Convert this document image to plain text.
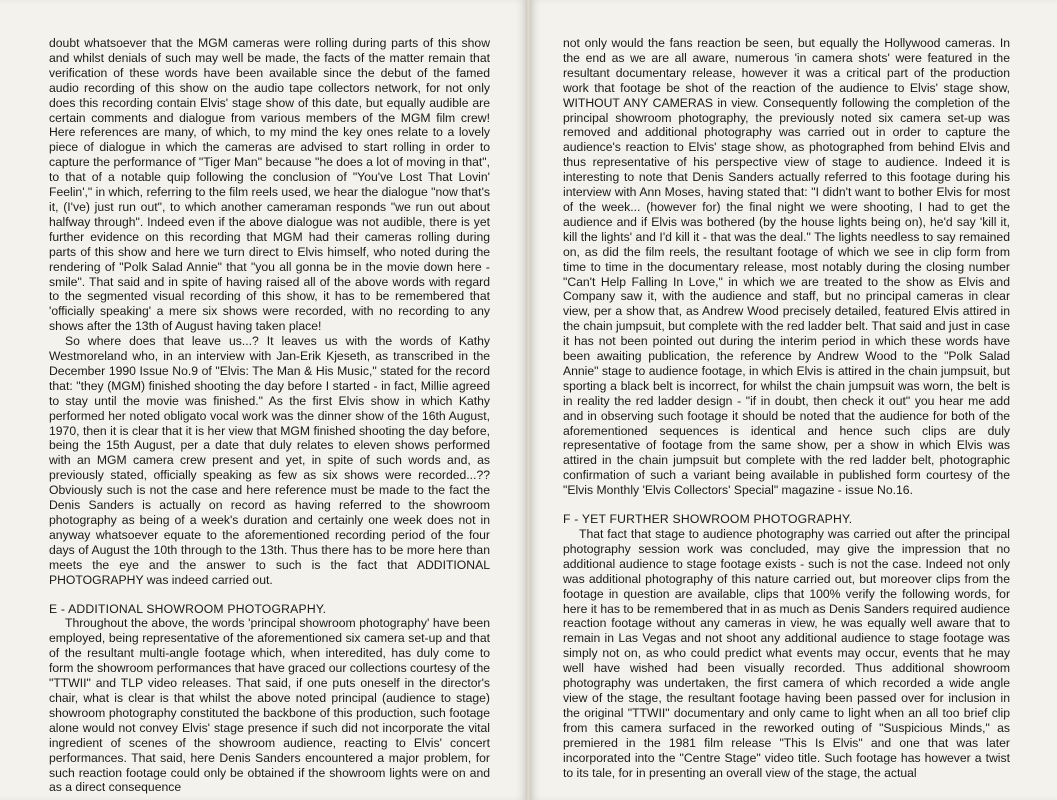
doubt whatsoever that the MGM cameras were rolling during parts of this show and whilst denials of such may well be made, the facts of the matter remain that verification of these words have been available since the debut of the famed audio recording of this show on the audio tape collectors network, for not only does this recording contain Elvis' stage show of this date, but equally audible are certain comments and dialogue from various members of the MGM film crew! Here references are many, of which, to my mind the key ones relate to a lovely piece of dialogue in which the cameras are advised to start rolling in order to capture the performance of "Tiger Man" because "he does a lot of moving in that", to that of a notable quip following the conclusion of "You've Lost That Lovin' Feelin'," in which, referring to the film reels used, we hear the dialogue "now that's it, (I've) just run out", to which another cameraman responds "we run out about halfway through". Indeed even if the above dialogue was not audible, there is yet further evidence on this recording that MGM had their cameras rolling during parts of this show and here we turn direct to Elvis himself, who noted during the rendering of "Polk Salad Annie" that "you all gonna be in the movie down here - smile". That said and in spite of having raised all of the above words with regard to the segmented visual recording of this show, it has to be remembered that 'officially speaking' a mere six shows were recorded, with no recording to any shows after the 13th of August having taken place!

So where does that leave us...? It leaves us with the words of Kathy Westmoreland who, in an interview with Jan-Erik Kjeseth, as transcribed in the December 1990 Issue No.9 of "Elvis: The Man & His Music," stated for the record that: "they (MGM) finished shooting the day before I started - in fact, Millie agreed to stay until the movie was finished." As the first Elvis show in which Kathy performed her noted obligato vocal work was the dinner show of the 16th August, 1970, then it is clear that it is her view that MGM finished shooting the day before, being the 15th August, per a date that duly relates to eleven shows performed with an MGM camera crew present and yet, in spite of such words and, as previously stated, officially speaking as few as six shows were recorded...?? Obviously such is not the case and here reference must be made to the fact the Denis Sanders is actually on record as having referred to the showroom photography as being of a week's duration and certainly one week does not in anyway whatsoever equate to the aforementioned recording period of the four days of August the 10th through to the 13th. Thus there has to be more here than meets the eye and the answer to such is the fact that ADDITIONAL PHOTOGRAPHY was indeed carried out.

E - ADDITIONAL SHOWROOM PHOTOGRAPHY.

Throughout the above, the words 'principal showroom photography' have been employed, being representative of the aforementioned six camera set-up and that of the resultant multi-angle footage which, when interedited, has duly come to form the showroom performances that have graced our collections courtesy of the "TTWII" and TLP video releases. That said, if one puts oneself in the director's chair, what is clear is that whilst the above noted principal (audience to stage) showroom photography constituted the backbone of this production, such footage alone would not convey Elvis' stage presence if such did not incorporate the vital ingredient of scenes of the showroom audience, reacting to Elvis' concert performances. That said, here Denis Sanders encountered a major problem, for such reaction footage could only be obtained if the showroom lights were on and as a direct consequence

not only would the fans reaction be seen, but equally the Hollywood cameras. In the end as we are all aware, numerous 'in camera shots' were featured in the resultant documentary release, however it was a critical part of the production work that footage be shot of the reaction of the audience to Elvis' stage show, WITHOUT ANY CAMERAS in view. Consequently following the completion of the principal showroom photography, the previously noted six camera set-up was removed and additional photography was carried out in order to capture the audience's reaction to Elvis' stage show, as photographed from behind Elvis and thus representative of his perspective view of stage to audience. Indeed it is interesting to note that Denis Sanders actually referred to this footage during his interview with Ann Moses, having stated that: "I didn't want to bother Elvis for most of the week... (however for) the final night we were shooting, I had to get the audience and if Elvis was bothered (by the house lights being on), he'd say 'kill it, kill the lights' and I'd kill it - that was the deal." The lights needless to say remained on, as did the film reels, the resultant footage of which we see in clip form from time to time in the documentary release, most notably during the closing number "Can't Help Falling In Love," in which we are treated to the show as Elvis and Company saw it, with the audience and staff, but no principal cameras in clear view, per a show that, as Andrew Wood precisely detailed, featured Elvis attired in the chain jumpsuit, but complete with the red ladder belt. That said and just in case it has not been pointed out during the interim period in which these words have been awaiting publication, the reference by Andrew Wood to the "Polk Salad Annie" stage to audience footage, in which Elvis is attired in the chain jumpsuit, but sporting a black belt is incorrect, for whilst the chain jumpsuit was worn, the belt is in reality the red ladder design - "if in doubt, then check it out" you hear me add and in observing such footage it should be noted that the audience for both of the aforementioned sequences is identical and hence such clips are duly representative of footage from the same show, per a show in which Elvis was attired in the chain jumpsuit but complete with the red ladder belt, photographic confirmation of such a variant being available in published form courtesy of the "Elvis Monthly 'Elvis Collectors' Special" magazine - issue No.16.

F - YET FURTHER SHOWROOM PHOTOGRAPHY.

That fact that stage to audience photography was carried out after the principal photography session work was concluded, may give the impression that no additional audience to stage footage exists - such is not the case. Indeed not only was additional photography of this nature carried out, but moreover clips from the footage in question are available, clips that 100% verify the following words, for here it has to be remembered that in as much as Denis Sanders required audience reaction footage without any cameras in view, he was equally well aware that to remain in Las Vegas and not shoot any additional audience to stage footage was simply not on, as who could predict what events may occur, events that he may well have wished had been visually recorded. Thus additional showroom photography was undertaken, the first camera of which recorded a wide angle view of the stage, the resultant footage having been passed over for inclusion in the original "TTWII" documentary and only came to light when an all too brief clip from this camera surfaced in the reworked outing of "Suspicious Minds," as premiered in the 1981 film release "This Is Elvis" and one that was later incorporated into the "Centre Stage" video title. Such footage has however a twist to its tale, for in presenting an overall view of the stage, the actual
